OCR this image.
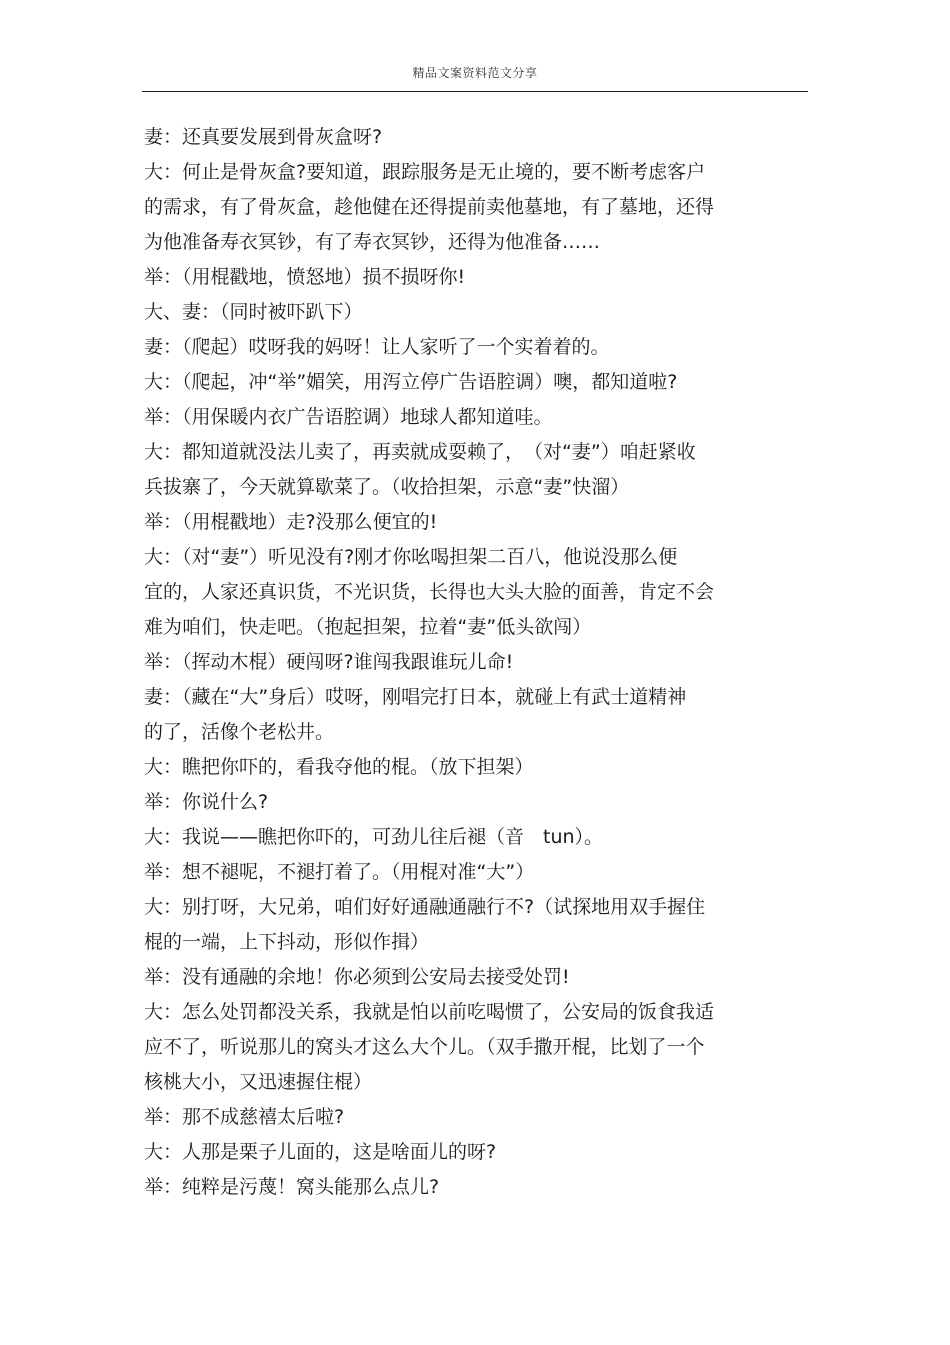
精品文案资料范文分享
妻：还真要发展到骨灰盒呀?
大：何止是骨灰盒?要知道，跟踪服务是无止境的，要不断考虑客户
的需求，有了骨灰盒，趁他健在还得提前卖他墓地，有了墓地，还得
为他准备寿衣冥钞，有了寿衣冥钞，还得为他准备……
举：（用棍戳地，愤怒地）损不损呀你!
大、妻：（同时被吓趴下）
妻：（爬起）哎呀我的妈呀！让人家听了一个实着着的。
大：（爬起，冲“举”媚笑，用泻立停广告语腔调）噢，都知道啦?
举：（用保暖内衣广告语腔调）地球人都知道哇。
大：都知道就没法儿卖了，再卖就成耍赖了，　（对“妻”）咱赶紧收
兵拔寨了，今天就算歇菜了。（收拾担架，示意“妻”快溜）
举：（用棍戳地）走?没那么便宜的!
大：（对“妻”）听见没有?刚才你吆喝担架二百八，他说没那么便
宜的，人家还真识货，不光识货，长得也大头大脸的面善，肯定不会
难为咱们，快走吧。（抱起担架，拉着“妻”低头欲闯）
举：（挥动木棍）硬闯呀?谁闯我跟谁玩儿命!
妻：（藏在“大”身后）哎呀，刚唱完打日本，就碰上有武士道精神
的了，活像个老松井。
大：瞧把你吓的，看我夺他的棍。（放下担架）
举：你说什么?
大：我说——瞧把你吓的，可劲儿往后褪（音　tun）。
举：想不褪呢，不褪打着了。（用棍对准“大”）
大：别打呀，大兄弟，咱们好好通融通融行不?（试探地用双手握住
棍的一端，上下抖动，形似作揖）
举：没有通融的余地！你必须到公安局去接受处罚!
大：怎么处罚都没关系，我就是怕以前吃喝惯了，公安局的饭食我适
应不了，听说那儿的窝头才这么大个儿。（双手撒开棍，比划了一个
核桃大小，又迅速握住棍）
举：那不成慈禧太后啦?
大：人那是栗子儿面的，这是啥面儿的呀?
举：纯粹是污蔑！窝头能那么点儿?
